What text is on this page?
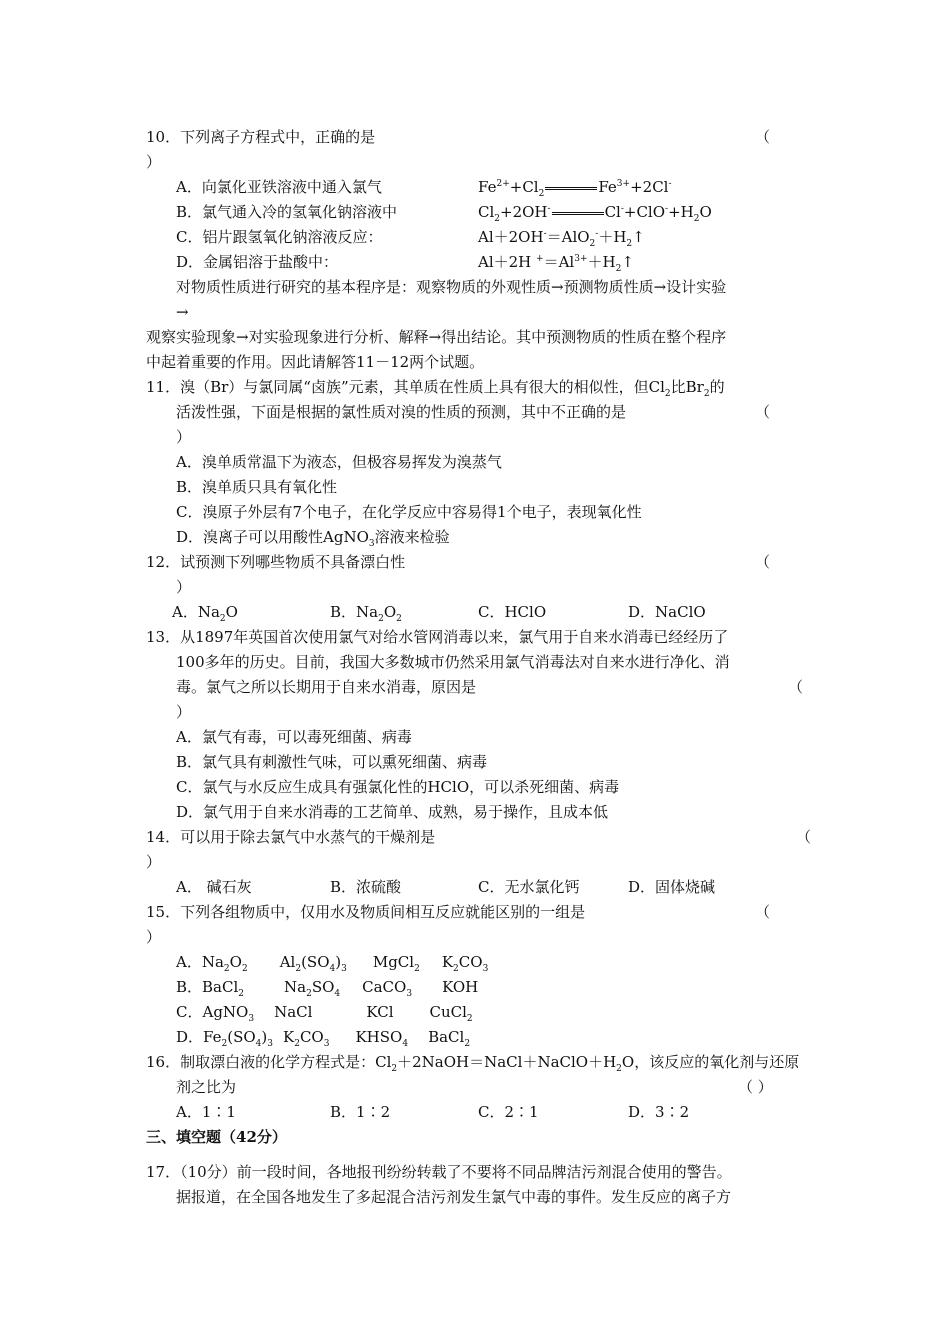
10．下列离子方程式中，正确的是	（
）
A．向氯化亚铁溶液中通入氯气	$Fe^{2+}+Cl_2$	$Fe^{3+}+2Cl^-$
B．氯气通入冷的氢氧化钠溶液中	$Cl_2+2OH^-$	$Cl^-+ClO^-+H_2O$
C．铝片跟氢氧化钠溶液反应：	$Al+2OH^-=AlO_2^-+H_2↑$
D．金属铝溶于盐酸中：	Al＋2H $^+=Al^{3+}+H_2↑$
对物质性质进行研究的基本程序是：观察物质的外观性质→预测物质性质→设计实验
→
观察实验现象→对实验现象进行分析、解释→得出结论。其中预测物质的性质在整个程序
中起着重要的作用。因此请解答11－12两个试题。
11．溴（Br）与氯同属“卤族”元素，其单质在性质上具有很大的相似性，但$Cl_2$比$Br_2$的
活泼性强，下面是根据的氯性质对溴的性质的预测，其中不正确的是	（
）
A．溴单质常温下为液态，但极容易挥发为溴蒸气
B．溴单质只具有氧化性
C．溴原子外层有7个电子，在化学反应中容易得1个电子，表现氧化性
D．溴离子可以用酸性AgNO$_3$溶液来检验
12．试预测下列哪些物质不具备漂白性	（
）
A．$Na_2O$	B．$Na_2O_2$	C．HClO	D．NaClO
13．从1897年英国首次使用氯气对给水管网消毒以来，氯气用于自来水消毒已经经历了
100多年的历史。目前，我国大多数城市仍然采用氯气消毒法对自来水进行净化、消
毒。氯气之所以长期用于自来水消毒，原因是	（
）
A．氯气有毒，可以毒死细菌、病毒
B．氯气具有刺激性气味，可以熏死细菌、病毒
C．氯气与水反应生成具有强氯化性的HClO，可以杀死细菌、病毒
D．氯气用于自来水消毒的工艺简单、成熟，易于操作，且成本低
14．可以用于除去氯气中水蒸气的干燥剂是	（
）
A． 碱石灰	B．浓硫酸	C．无水氯化钙	D．固体烧碱
15．下列各组物质中，仅用水及物质间相互反应就能区别的一组是	（
）
A．$Na_2O_2$ $Al_2(SO_4)_3$ MgCl$_2$ $K_2CO_3$
B．BaCl$_2$	$Na_2SO_4$ CaCO$_3$ KOH
C．AgNO$_3$ NaCl	KCl CuCl$_2$
D．$Fe_2(SO_4)_3$ $K_2CO_3$ $KHSO_4$ BaCl$_2$
16．制取漂白液的化学方程式是：$Cl_2+2NaOH=NaCl+NaClO+H_2O$，该反应的氧化剂与还原
剂之比为	（ ）
A．1∶1	B．1∶2	C．2∶1	D．3∶2
三、填空题（42分）
17．（10分）前一段时间，各地报刊纷纷转载了不要将不同品牌洁污剂混合使用的警告。
据报道，在全国各地发生了多起混合洁污剂发生氯气中毒的事件。发生反应的离子方
